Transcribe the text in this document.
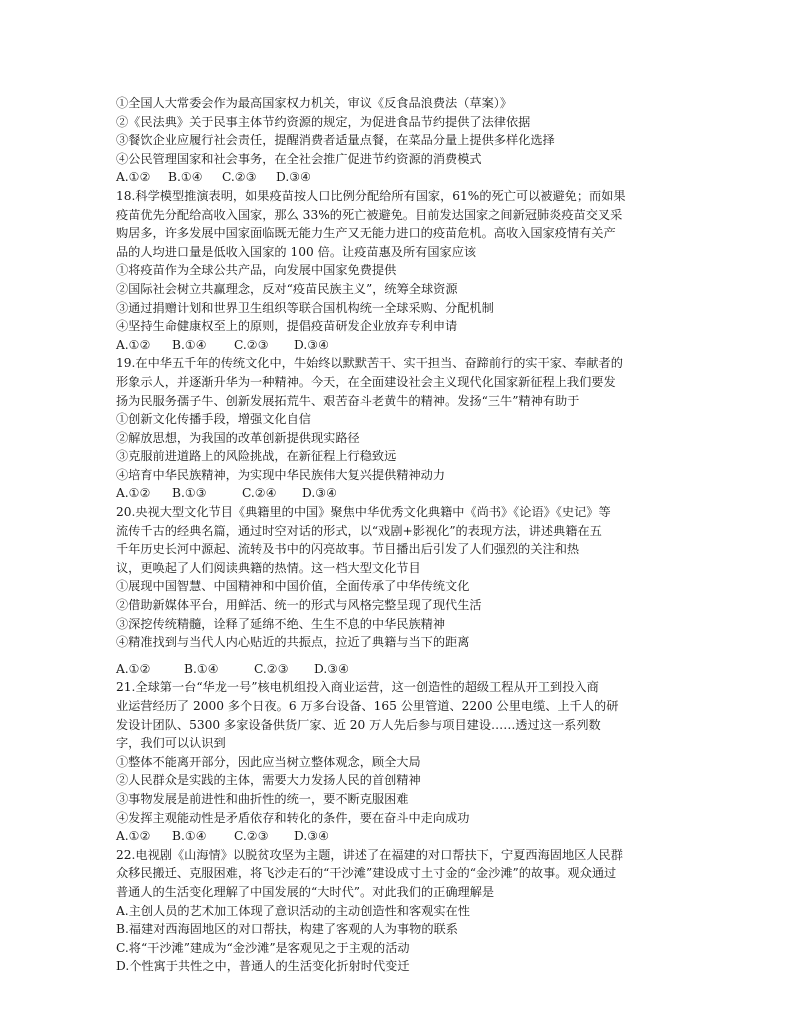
①全国人大常委会作为最高国家权力机关，审议《反食品浪费法（草案）》
②《民法典》关于民事主体节约资源的规定，为促进食品节约提供了法律依据
③餐饮企业应履行社会责任，提醒消费者适量点餐，在菜品分量上提供多样化选择
④公民管理国家和社会事务，在全社会推广促进节约资源的消费模式
A.①②	B.①④	C.②③	D.③④
18.科学模型推演表明，如果疫苗按人口比例分配给所有国家，61%的死亡可以被避免；而如果
疫苗优先分配给高收入国家，那么 33%的死亡被避免。目前发达国家之间新冠肺炎疫苗交叉采
购居多，许多发展中国家面临既无能力生产又无能力进口的疫苗危机。高收入国家疫情有关产
品的人均进口量是低收入国家的 100 倍。让疫苗惠及所有国家应该
①将疫苗作为全球公共产品，向发展中国家免费提供
②国际社会树立共赢理念，反对“疫苗民族主义”，统筹全球资源
③通过捐赠计划和世界卫生组织等联合国机构统一全球采购、分配机制
④坚持生命健康权至上的原则，提倡疫苗研发企业放弃专利申请
A.①②	B.①④	C.②③	D.③④
19.在中华五千年的传统文化中，牛始终以默默苦干、实干担当、奋蹄前行的实干家、奉献者的
形象示人，并逐渐升华为一种精神。今天，在全面建设社会主义现代化国家新征程上我们要发
扬为民服务孺子牛、创新发展拓荒牛、艰苦奋斗老黄牛的精神。发扬“三牛”精神有助于
①创新文化传播手段，增强文化自信
②解放思想，为我国的改革创新提供现实路径
③克服前进道路上的风险挑战，在新征程上行稳致远
④培育中华民族精神，为实现中华民族伟大复兴提供精神动力
A.①②	B.①③	C.②④	D.③④
20.央视大型文化节目《典籍里的中国》聚焦中华优秀文化典籍中《尚书》《论语》《史记》等
流传千古的经典名篇，通过时空对话的形式，以“戏剧+影视化”的表现方法，讲述典籍在五
千年历史长河中源起、流转及书中的闪亮故事。节目播出后引发了人们强烈的关注和热
议，更唤起了人们阅读典籍的热情。这一档大型文化节目
①展现中国智慧、中国精神和中国价值，全面传承了中华传统文化
②借助新媒体平台，用鲜活、统一的形式与风格完整呈现了现代生活
③深挖传统精髓，诠释了延绵不绝、生生不息的中华民族精神
④精准找到与当代人内心贴近的共振点，拉近了典籍与当下的距离
A.①②	B.①④	C.②③	D.③④
21.全球第一台“华龙一号”核电机组投入商业运营，这一创造性的超级工程从开工到投入商
业运营经历了 2000 多个日夜。6 万多台设备、165 公里管道、2200 公里电缆、上千人的研
发设计团队、5300 多家设备供货厂家、近 20 万人先后参与项目建设……透过这一系列数
字，我们可以认识到
①整体不能离开部分，因此应当树立整体观念，顾全大局
②人民群众是实践的主体，需要大力发扬人民的首创精神
③事物发展是前进性和曲折性的统一，要不断克服困难
④发挥主观能动性是矛盾依存和转化的条件，要在奋斗中走向成功
A.①②	B.①④	C.②③	D.③④
22.电视剧《山海情》以脱贫攻坚为主题，讲述了在福建的对口帮扶下，宁夏西海固地区人民群
众移民搬迁、克服困难，将飞沙走石的“干沙滩”建设成寸土寸金的“金沙滩”的故事。观众通过
普通人的生活变化理解了中国发展的“大时代”。对此我们的正确理解是
A.主创人员的艺术加工体现了意识活动的主动创造性和客观实在性
B.福建对西海固地区的对口帮扶，构建了客观的人为事物的联系
C.将“干沙滩”建成为“金沙滩”是客观见之于主观的活动
D.个性寓于共性之中，普通人的生活变化折射时代变迁
